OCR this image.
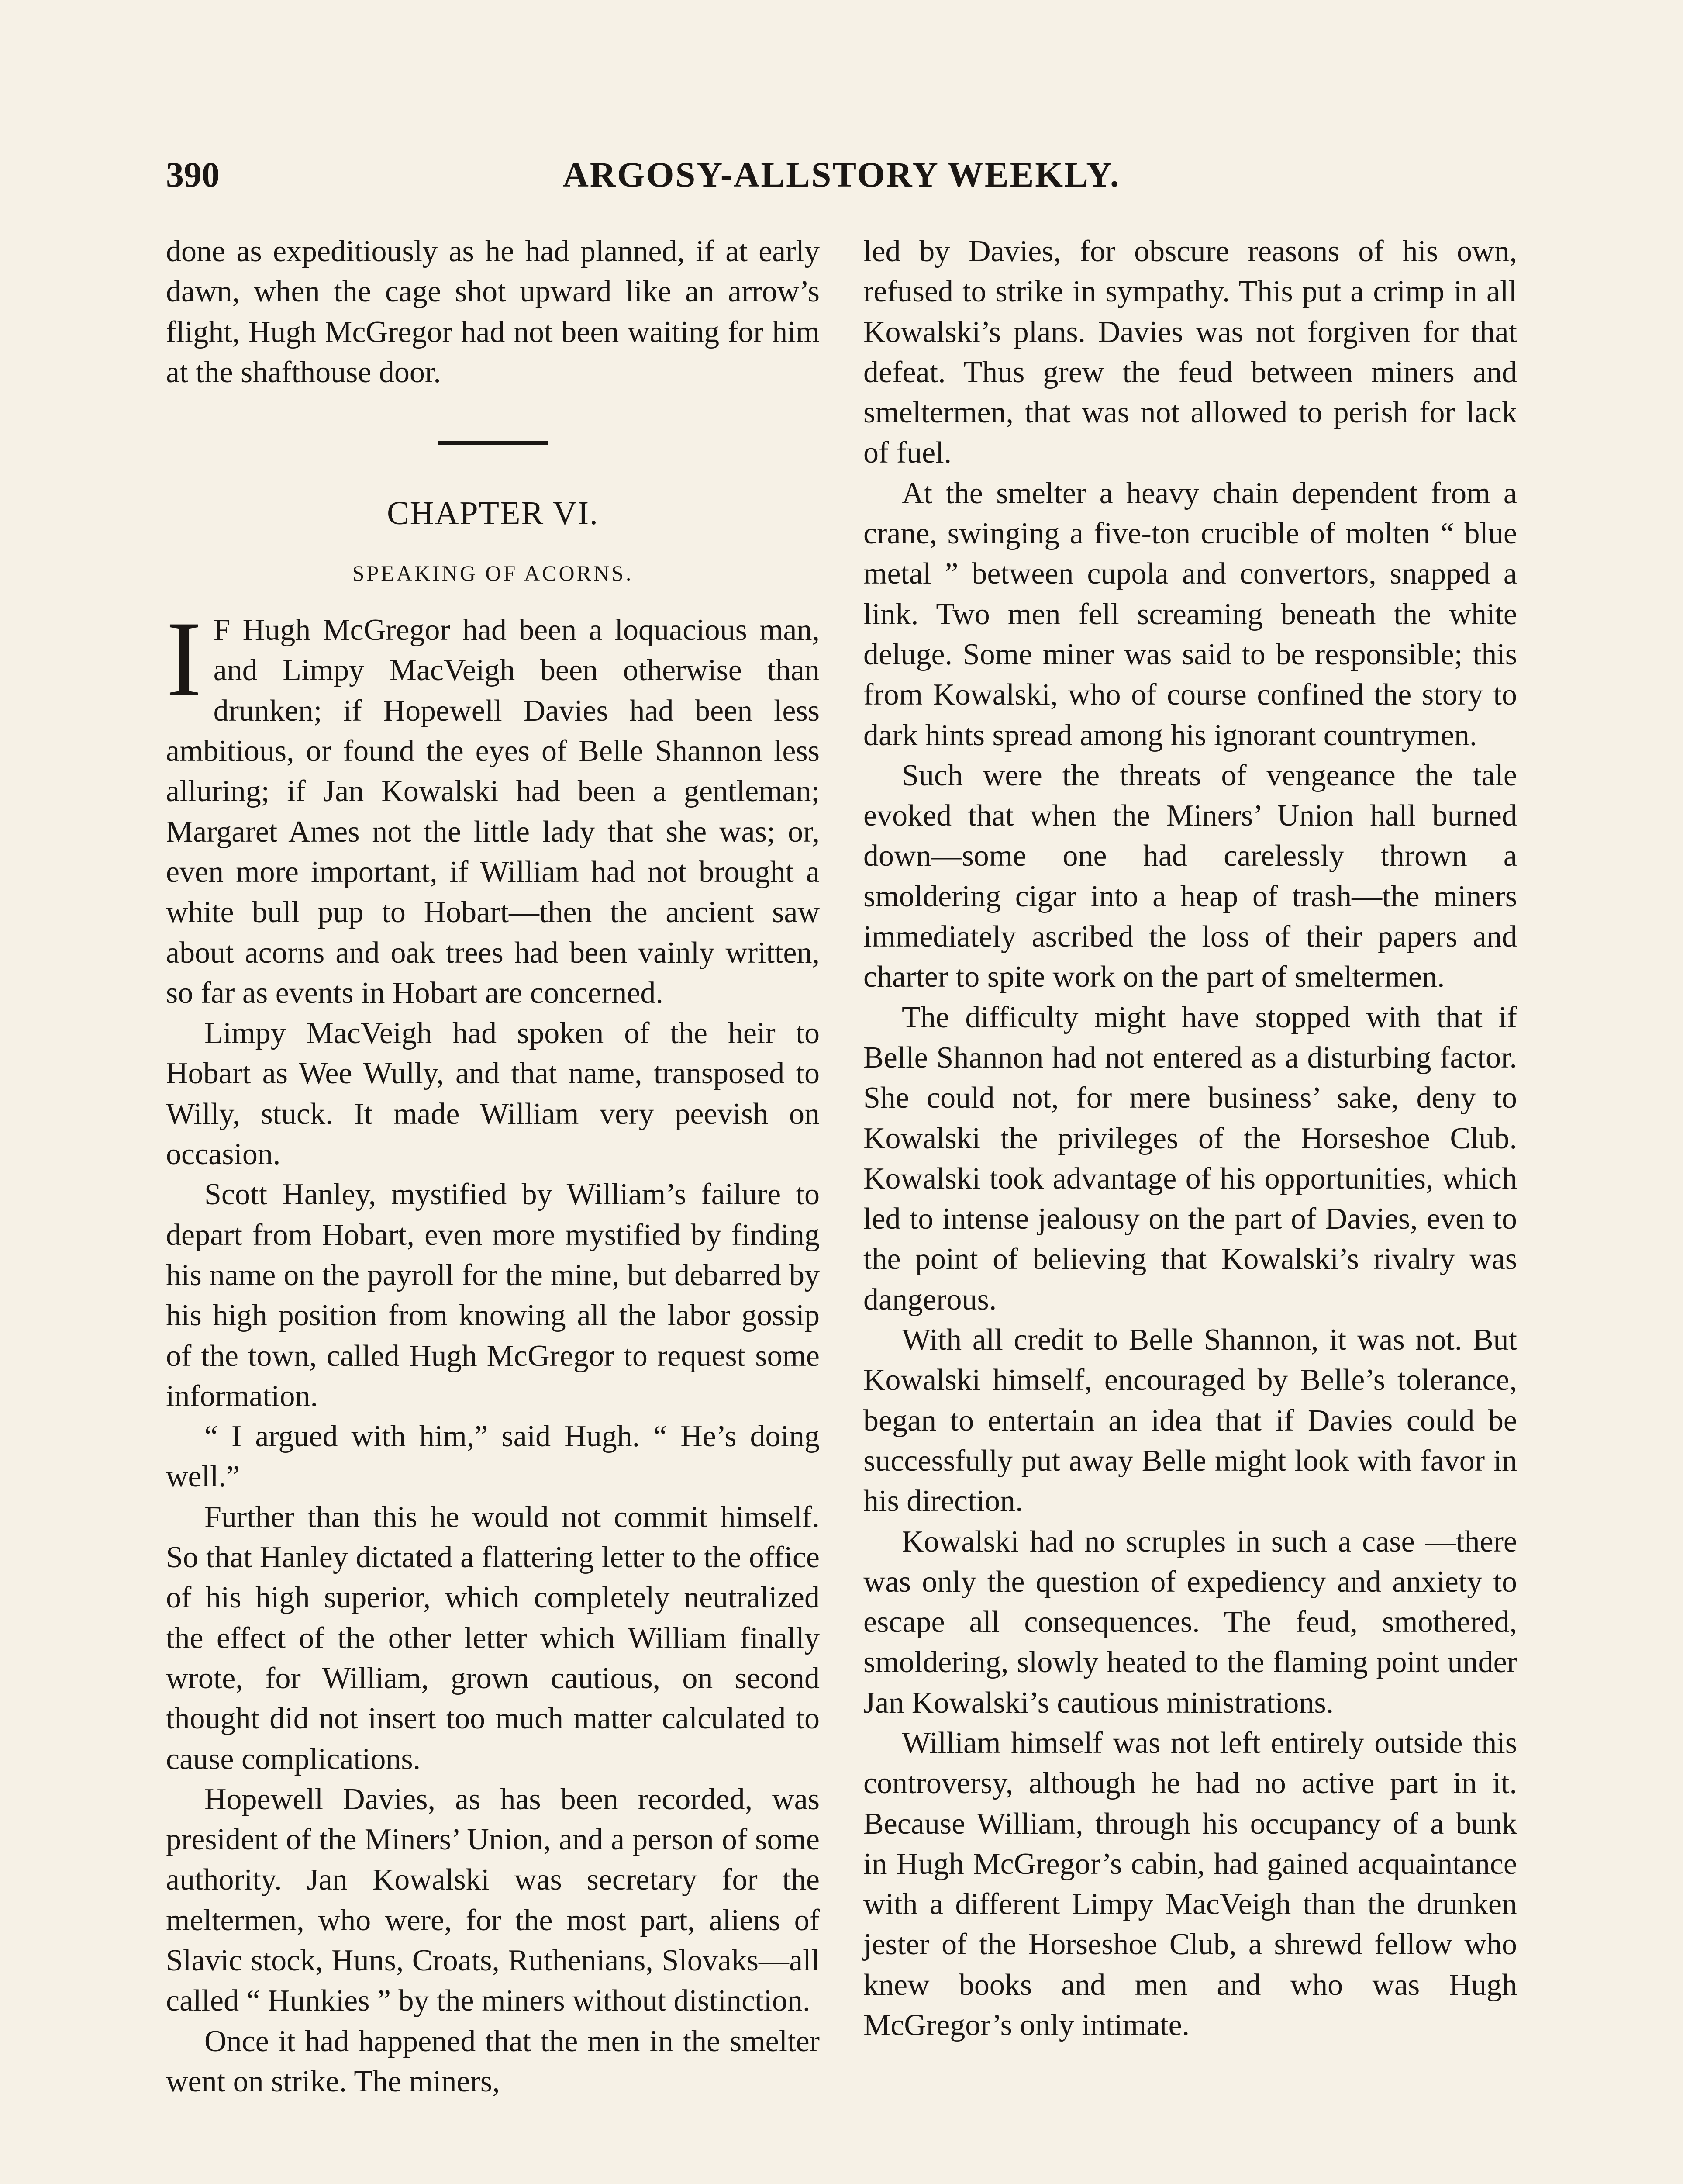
390	ARGOSY-ALLSTORY WEEKLY.

done as expeditiously as he had planned, if at early dawn, when the cage shot upward like an arrow’s flight, Hugh McGregor had not been waiting for him at the shafthouse door.

CHAPTER VI.
SPEAKING OF ACORNS.

I F Hugh McGregor had been a loquacious man, and Limpy MacVeigh been otherwise than drunken; if Hopewell Davies had been less ambitious, or found the eyes of Belle Shannon less alluring; if Jan Kowalski had been a gentleman; Margaret Ames not the little lady that she was; or, even more important, if William had not brought a white bull pup to Hobart—then the ancient saw about acorns and oak trees had been vainly written, so far as events in Hobart are concerned.

Limpy MacVeigh had spoken of the heir to Hobart as Wee Wully, and that name, transposed to Willy, stuck. It made William very peevish on occasion.

Scott Hanley, mystified by William’s failure to depart from Hobart, even more mystified by finding his name on the payroll for the mine, but debarred by his high position from knowing all the labor gossip of the town, called Hugh McGregor to request some information.

“ I argued with him,” said Hugh. “ He’s doing well.”

Further than this he would not commit himself. So that Hanley dictated a flattering letter to the office of his high superior, which completely neutralized the effect of the other letter which William finally wrote, for William, grown cautious, on second thought did not insert too much matter calculated to cause complications.

Hopewell Davies, as has been recorded, was president of the Miners’ Union, and a person of some authority. Jan Kowalski was secretary for the meltermen, who were, for the most part, aliens of Slavic stock, Huns, Croats, Ruthenians, Slovaks—all called “ Hunkies ” by the miners without distinction.

Once it had happened that the men in the smelter went on strike. The miners,

led by Davies, for obscure reasons of his own, refused to strike in sympathy. This put a crimp in all Kowalski’s plans. Davies was not forgiven for that defeat. Thus grew the feud between miners and smeltermen, that was not allowed to perish for lack of fuel.

At the smelter a heavy chain dependent from a crane, swinging a five-ton crucible of molten “ blue metal ” between cupola and convertors, snapped a link. Two men fell screaming beneath the white deluge. Some miner was said to be responsible; this from Kowalski, who of course confined the story to dark hints spread among his ignorant countrymen.

Such were the threats of vengeance the tale evoked that when the Miners’ Union hall burned down—some one had carelessly thrown a smoldering cigar into a heap of trash—the miners immediately ascribed the loss of their papers and charter to spite work on the part of smeltermen.

The difficulty might have stopped with that if Belle Shannon had not entered as a disturbing factor. She could not, for mere business’ sake, deny to Kowalski the privileges of the Horseshoe Club. Kowalski took advantage of his opportunities, which led to intense jealousy on the part of Davies, even to the point of believing that Kowalski’s rivalry was dangerous.

With all credit to Belle Shannon, it was not. But Kowalski himself, encouraged by Belle’s tolerance, began to entertain an idea that if Davies could be successfully put away Belle might look with favor in his direction.

Kowalski had no scruples in such a case —there was only the question of expediency and anxiety to escape all consequences. The feud, smothered, smoldering, slowly heated to the flaming point under Jan Kowalski’s cautious ministrations.

William himself was not left entirely outside this controversy, although he had no active part in it. Because William, through his occupancy of a bunk in Hugh McGregor’s cabin, had gained acquaintance with a different Limpy MacVeigh than the drunken jester of the Horseshoe Club, a shrewd fellow who knew books and men and who was Hugh McGregor’s only intimate.
